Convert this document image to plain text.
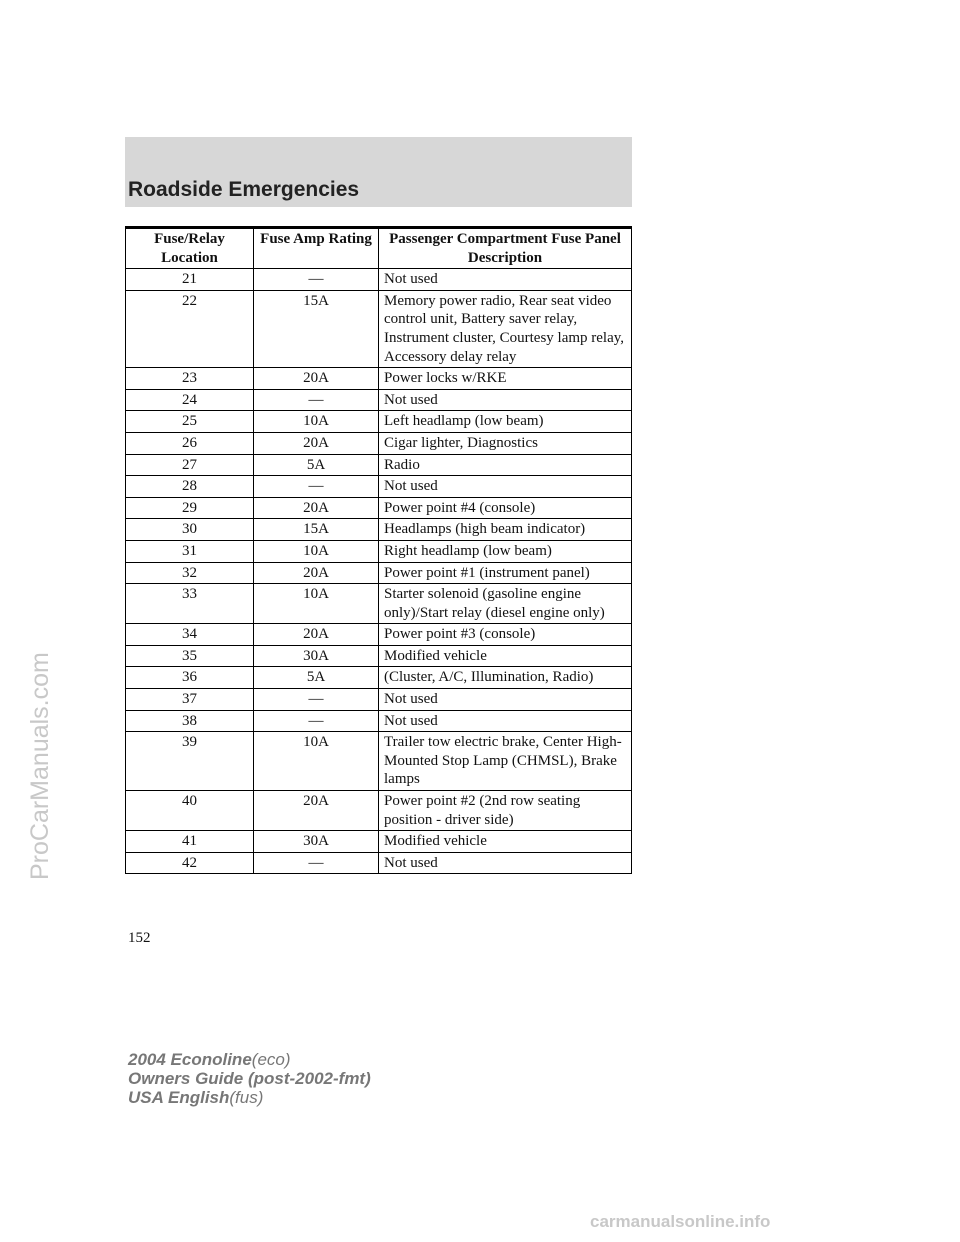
Roadside Emergencies
Fuse/Relay Location	Fuse Amp Rating	Passenger Compartment Fuse Panel Description
21	—	Not used
22	15A	Memory power radio, Rear seat video control unit, Battery saver relay, Instrument cluster, Courtesy lamp relay, Accessory delay relay
23	20A	Power locks w/RKE
24	—	Not used
25	10A	Left headlamp (low beam)
26	20A	Cigar lighter, Diagnostics
27	5A	Radio
28	—	Not used
29	20A	Power point #4 (console)
30	15A	Headlamps (high beam indicator)
31	10A	Right headlamp (low beam)
32	20A	Power point #1 (instrument panel)
33	10A	Starter solenoid (gasoline engine only)/Start relay (diesel engine only)
34	20A	Power point #3 (console)
35	30A	Modified vehicle
36	5A	(Cluster, A/C, Illumination, Radio)
37	—	Not used
38	—	Not used
39	10A	Trailer tow electric brake, Center High-Mounted Stop Lamp (CHMSL), Brake lamps
40	20A	Power point #2 (2nd row seating position - driver side)
41	30A	Modified vehicle
42	—	Not used
152
ProCarManuals.com
2004 Econoline(eco)
Owners Guide (post-2002-fmt)
USA English(fus)
carmanualsonline.info
